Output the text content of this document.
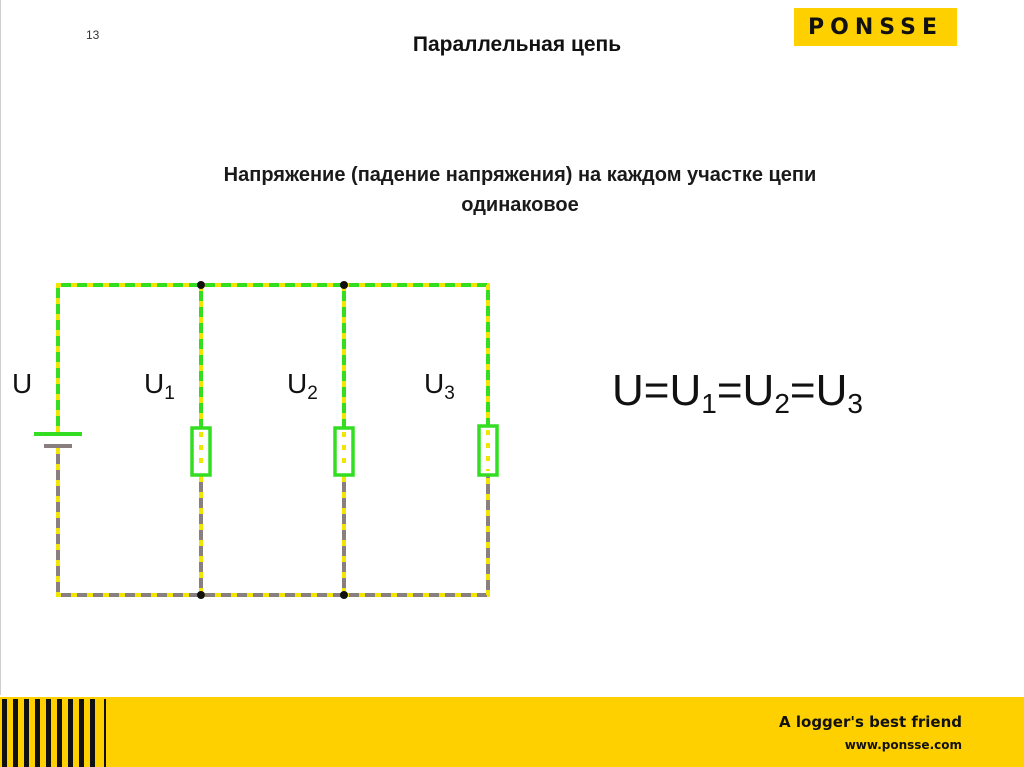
13	Параллельная цепь
PONSSE
Напряжение (падение напряжения) на каждом участке цепи
одинаковое
U	$U_1$	$U_2$	$U_3$	$U=U_1=U_2=U_3$
A logger's best friend
www.ponsse.com
